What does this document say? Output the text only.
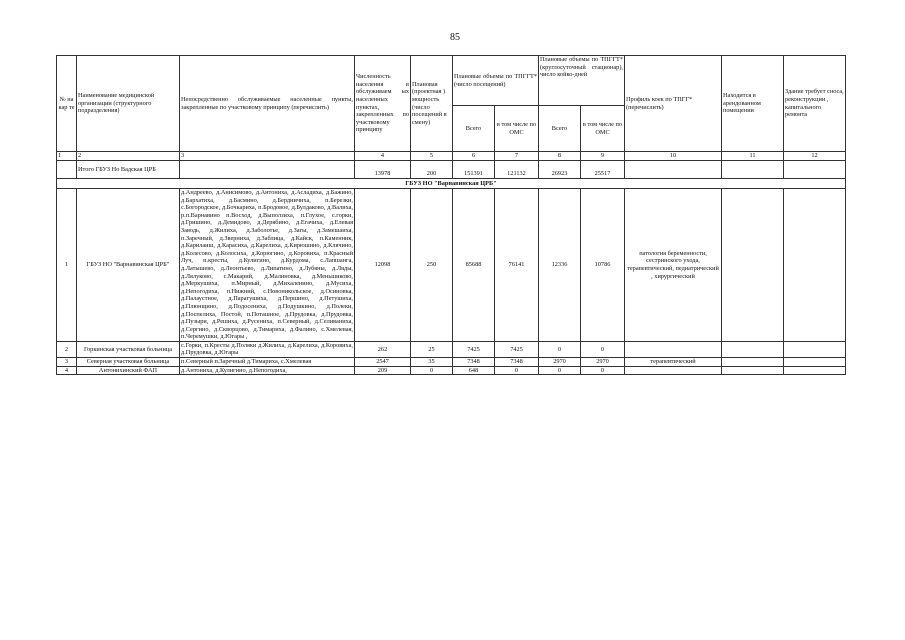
85
№ на кар те	Наименование медицинской организации (структурного подразделения)	Непосредственно обслуживаемые населенные пункты, закрепленные по участковому принципу (перечислить)	Численность населения в обслуживаем ых населенных пунктах, закрепленных по участковому принципу	Плановая (проектная ) мощность (число посещений в смену)	Плановые объемы по ТПГГТ* (число посещений)		Плановые объемы по ТПГГТ* (круглосуточный стационар), число койко-дней		Профиль коек по ТПГГ* (перечислить)	Находится в арендованном помещении	Здание требует сноса, реконструкции , капитального ремонта
					Всего	в том числе по ОМС	Всего	в том числе по ОМС			
1	2	3	4	5	6	7	8	9	10	11	12
	Итого ГБУЗ Но Вадская ЦРБ		13978	200	151391	121132	26923	25517			
ГБУЗ НО "Варнавинская ЦРБ"											
1	ГБУЗ НО "Варнавинская ЦРБ"	д.Андреево, д.Анисимово, д.Антониха, д.Асладиха, д.Бажино, д.Бархатиха, д.Басмино, д.Бердничиха, п.Березки, с.Богородское, д.Бочкариха, п.Бродовое, д.Булдаково, д.Валиха, р.п.Варнавино п.Восход, д.Выползиха, п.Глухое, с.горки, д.Гришино, д.Демидово, д.Дерябино, д.Егачиха, д.Елевая Заводь, д.Жилиха, д.Заболотье, д.Загы, д.Замешаиха, п.Заречный, д.Зверниха, д.Заблица, д.Кайск, п.Каменник, д.Карилаиш, д.Карасиха, д.Карелиха, д.Кирюшино, д.Клячино, д.Колесово, д.Колосиха, д.Корюгино, д.Коровиха, п.Красный Луч, п.кресты, д.Кулигино, д.Курдома, с.Лапшанга, д.Латышево, д.Леонтьево, д.Липатино, д.Лубяны, д.Ляды, д.Лялуково, с.Макарий, д.Малиновка, д.Меньшиково, д.Меркушиха, п.Мирный, д.Михаленино, д.Мусиха, д.Непогодиха, п.Нижний, с.Новоникольское, д.Осиновка, д.Палаустное, д.Парагушиха, д.Першино, д.Петушиха, д.Плюнщино, д.Подосениха, д.Подушкино, д.Полеки, д.Поспелиха, Постой, п.Поташное, д.Прудовка, д.Прудовка, д.Пузыри, д.Решиха, д.Русениха, п.Северный, д.Селиваниха, д.Сергино, д.Скворцово, д.Тимариха, д.Фалино, с.Хмелевая, п.Черемушки, д.Югары ,	12098	250	85688	76141	12336	10786	патология беременности, сестринского ухода, терапевтический, педиатрический , хирургический		
2	Горкинская участковая больница	с.Горки, п.Кресты д.Поляки д.Жилиха, д.Карелиха, д.Коровиха, д.Прудовка, д.Югары	262	25	7425	7425	0	0			
3	Северная участковая больница	п.Северный п.Заречный д.Тимариха, с.Хмелевая	2547	35	7348	7348	2970	2970	терапевтический		
4	Антонихинский ФАП	д.Антониха, д.Кулигино, д.Непогодиха,	209	0	648	0	0	0			
